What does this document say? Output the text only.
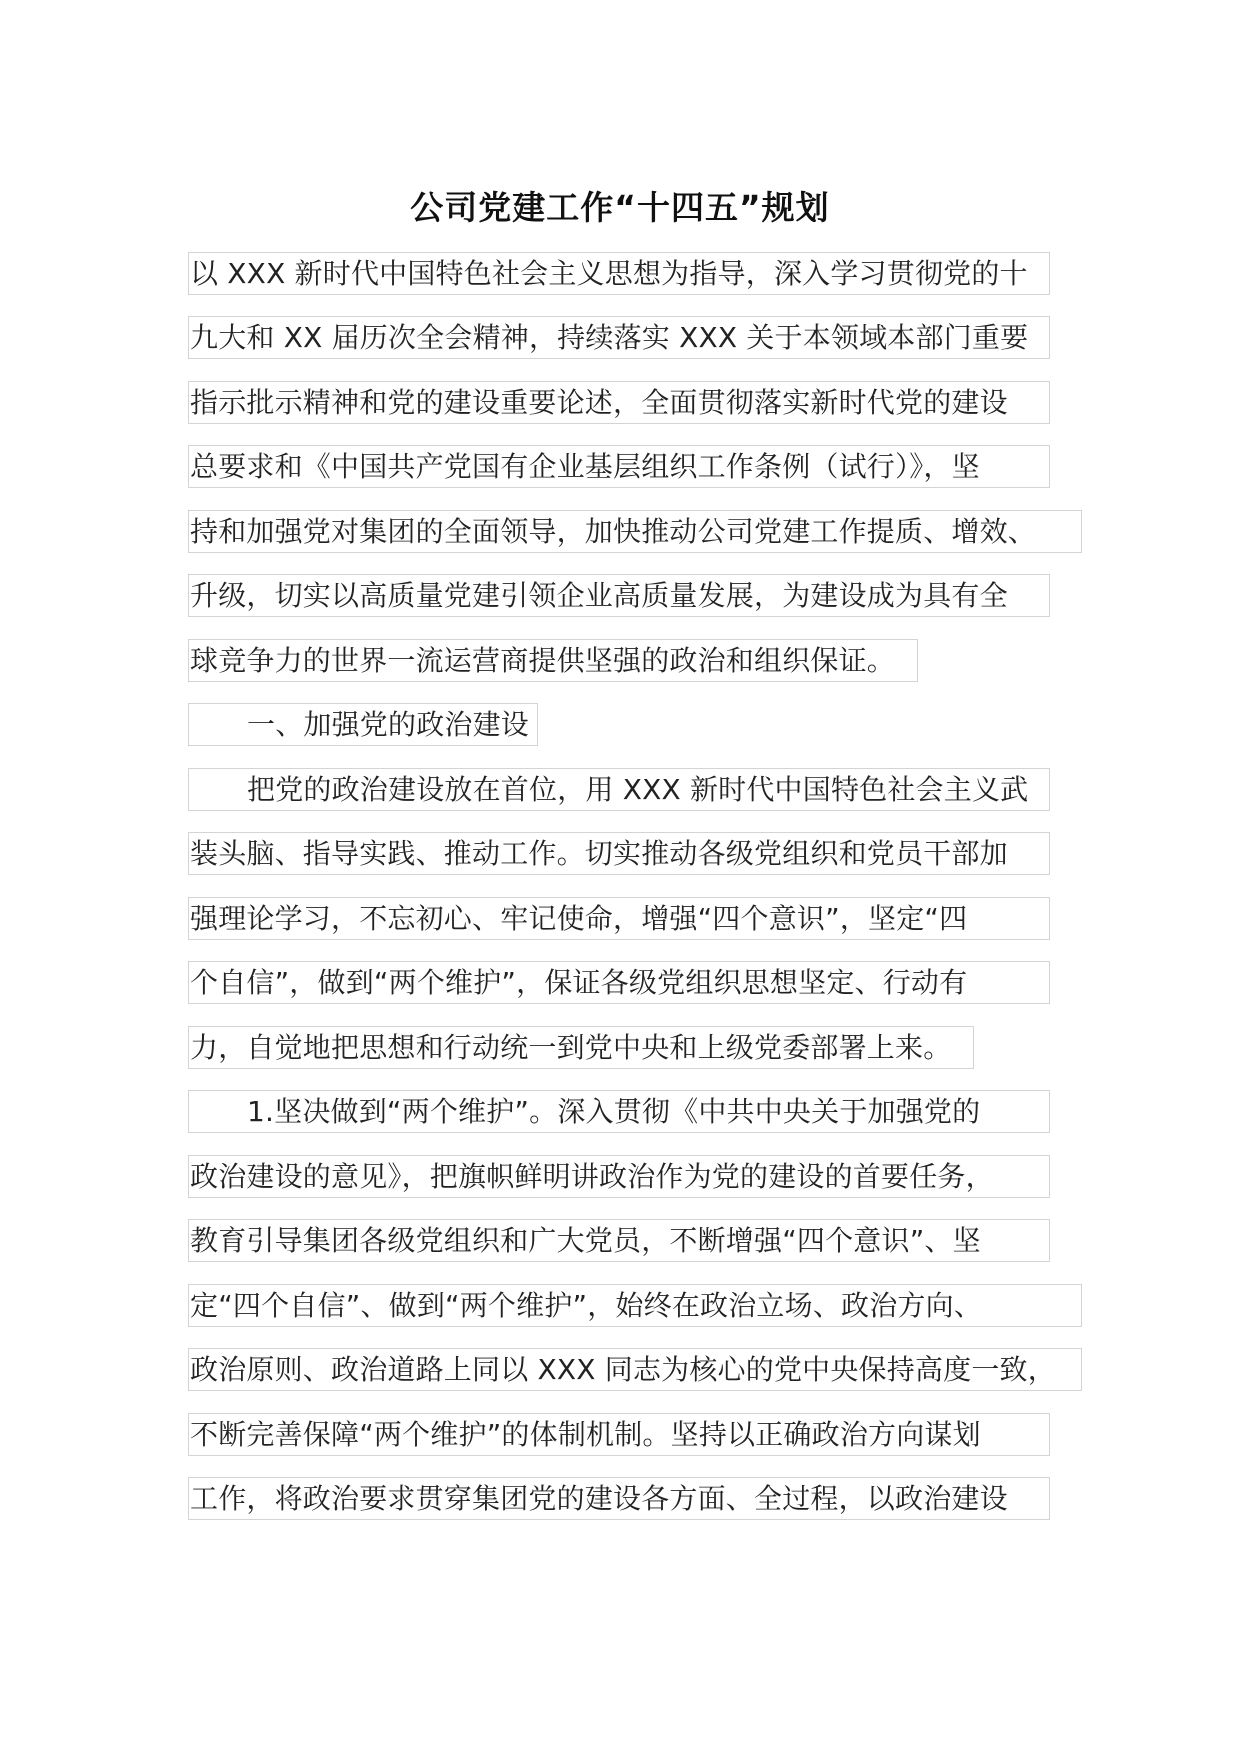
公司党建工作“十四五”规划
以 XXX 新时代中国特色社会主义思想为指导，深入学习贯彻党的十
九大和 XX 届历次全会精神，持续落实 XXX 关于本领域本部门重要
指示批示精神和党的建设重要论述，全面贯彻落实新时代党的建设
总要求和《中国共产党国有企业基层组织工作条例（试行）》，坚
持和加强党对集团的全面领导，加快推动公司党建工作提质、增效、
升级，切实以高质量党建引领企业高质量发展，为建设成为具有全
球竞争力的世界一流运营商提供坚强的政治和组织保证。
一、加强党的政治建设
把党的政治建设放在首位，用 XXX 新时代中国特色社会主义武
装头脑、指导实践、推动工作。切实推动各级党组织和党员干部加
强理论学习，不忘初心、牢记使命，增强“四个意识”，坚定“四
个自信”，做到“两个维护”，保证各级党组织思想坚定、行动有
力，自觉地把思想和行动统一到党中央和上级党委部署上来。
1.坚决做到“两个维护”。深入贯彻《中共中央关于加强党的
政治建设的意见》，把旗帜鲜明讲政治作为党的建设的首要任务，
教育引导集团各级党组织和广大党员，不断增强“四个意识”、坚
定“四个自信”、做到“两个维护”，始终在政治立场、政治方向、
政治原则、政治道路上同以 XXX 同志为核心的党中央保持高度一致，
不断完善保障“两个维护”的体制机制。坚持以正确政治方向谋划
工作，将政治要求贯穿集团党的建设各方面、全过程，以政治建设
